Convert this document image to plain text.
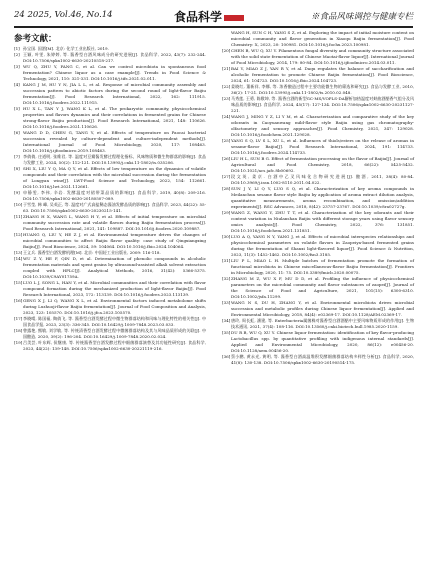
24 2025, Vol.46, No.14	食品科学	※食品风味调控与健康专栏
参考文献：
[1] 孙宝国. 国酒[M]. 北京: 化学工业出版社, 2019.
[2] 王颖, 叶雯, 朱婷婷, 等. 酱香型白酒风味成分的研究进展[J]. 食品科学, 2022, 43(7): 232-244. DOI:10.7506/spkx1002-6630-20210518-217.
[3] WU Q, ZHU Y, FANG C, et al. Can we control microbiota in spontaneous food fermentation? Chinese liquor as a case example[J]. Trends in Food Science & Technology, 2021, 110: 321-331. DOI:10.1016/j.tifs.2021.02.011.
[4] KANG J M, HU Y N, JIA L L, et al. Response of microbial community assembly and succession pattern to abiotic factors during the second round of light-flavor Baijiu fermentation[J]. Food Research International, 2022, 162: 111915. DOI:10.1016/j.foodres.2022.111915.
[5] HU X L, TAN Y J, WANG K L, et al. The prokaryotic community, physicochemical properties and flavors dynamics and their correlations in fermented grains for Chinese strong-flavor Baijiu production[J]. Food Research International, 2021, 148: 110626. DOI:10.1016/j.foodres.2021.110626.
[6] WANG D D, CHEN G, TANG Y, et al. Effects of temperature on Paocai bacterial succession revealed by culture-dependent and culture-independent methods[J]. International Journal of Food Microbiology, 2020, 117: 108463. DOI:10.1016/j.ijfoodmicro.2019.108463.
[7] 李倩倩, 庄道明, 张维君, 等. 温度对豆瓣酱发酵过程理化指标、风味物质和微生物群落的影响[J]. 食品与发酵工业, 2024, 50(2): 112-121. DOI:10.13995/j.cnki.11-1802/ts.035206.
[8] SHI X, LIU Y Q, MA Q Y, et al. Effects of low temperature on the dynamics of volatile compounds and their correlation with the microbial succession during the fermentation of Longyan wine[J]. LWT-Food Science and Technology, 2022, 154: 112661. DOI:10.1016/j.lwt.2021.112661.
[9] 申静雯, 李伟, 辛岩. 发酵温度对裙带菜品质的影响[J]. 食品科学, 2019, 40(8): 209-216. DOI:10.7506/spkx1002-6630-20180507-089.
[10] 于雪莹, 韩 峰, 吴英正, 等. 温度对广式高盐稀态酱油发酵品质的影响[J]. 食品科学, 2023, 44(22): 55-63. DOI:10.7506/spkx1002-6630-20230215-141.
[11] ZHANG H X, WANG L, WANG H Y, et al. Effects of initial temperature on microbial community succession rate and volatile flavors during Baijiu fermentation process[J]. Food Research International, 2021, 141: 109887. DOI:10.1016/j.foodres.2020.109887.
[12] HUANG Q, LIU Y, HE Z J, et al. Environmental temperature drives the changes of microbial communities to affect Baijiu flavor quality: case study of Qingxiangxing Baijiu[J]. Food Bioscience, 2024, 59: 104064. DOI:10.1016/j.fbio.2024.104064.
[13] 王义兵. 酱香型白酒发酵机理[M]. 北京: 中国轻工业出版社, 2009: 116-118.
[14] WU Z Y, HE F, QIN D, et al. Determination of phenolic compounds in alcoholic fermentation materials and spent grains by ultrasound-assisted alkali solvent extraction coupled with HPLC[J]. Analytical Methods, 2016, 31(42): 5366-5375. DOI:10.1039/C9AY01759A.
[15] LUO L J, SONG L, HAN Y, et al. Microbial communities and their correlation with flavor compound formation during the mechanized production of light-flavor Baijiu[J]. Food Research International, 2023, 172: 113139. DOI:10.1016/j.foodres.2023.113139.
[16] GENG X J, LI Q, WANG X L, et al. Environmental factors induced metabolome shifts during Luzhuoji-flavor Baijiu fermentation[J]. Journal of Food Composition and Analysis, 2023, 123: 105570. DOI:10.1016/j.jfca.2023.105570.
[17] 李晓晴, 陈国福, 陶倩飞, 等. 酱香型白酒发酵过程中微生物群落结构和风味与理化特性的相关性[J]. 中国食品学报, 2023, 23(3): 336-345. DOI:10.16429/j.1009-7848.2023.03.033.
[18] 曾露艳, 熊敏, 刘学敏, 等. 传统清香型白酒发酵过程中微菌群落结构及其与风味品质形成的关联[J]. 中国酿造, 2020, 39(2): 196-204. DOI:10.16429/j.1009-7848.2020.02.024.
[19] 吕美芸, 叶东辉, 侯继康, 等. 传统酱香型白酒发酵过程中细菌群落演替及其功能性研究[J]. 食品科学, 2023, 44(22): 139-148. DOI:10.7506/spkx1002-6630-20221119-216.
WANG H, SUN C H, YANG S Z, et al. Exploring the impact of initial moisture content on microbial community and flavor generation in Xiaoqu Baijiu fermentation[J]. Food Chemistry: X, 2023, 20: 100981. DOI:10.1016/j.fochx.2023.100981.
[20] CHEN B, WU Q, XU Y. Filamentous fungal diversity and community structure associated with the solid state fermentation of Chinese Maotai-flavor liquor[J]. International Journal of Food Microbiology, 2014, 179: 80-84. DOI:10.1016/j.ijfoodmicro.2014.03.011.
[21] BAI Y, MIAO Z J, YAN R Y, et al. Daqu regulates the balance of saccharification and alcoholic fermentation to promote Chinese Baijiu fermentation[J]. Food Bioscience, 2024, 61: 104723. DOI:10.1016/j.fbio.2024.104723.
[22] 姜晓红, 董新祥, 李娜, 等. 浓香酿造过程中主要功能微生物的筛选和研究[J]. 食品与发酵工业, 2010, 36(2): 17-21. DOI:10.13995/j.cnki.11-1802/ts.2010.02.048.
[23] 马秀莲, 王勇, 陈敬坤, 等. 酱香白酒的新型GC-MS/VOPLS-DA解析加热温度对麸曲酒醅香气组分及风味品质的影响[J]. 食品科学, 2024, 45(17): 127-134. DOI:10.7506/spkx1002-6630-20231127-221.
[24] WANG J, MING Y Z, LI Y M, et al. Characterization and comparative study of the key odorants in Caoyuanwang mild-flavor style Baijiu using gas chromatography-olfactometry and sensory approaches[J]. Food Chemistry, 2021, 347: 129028. DOI:10.1016/j.foodchem.2021.129028.
[25] YANG S Q, LV S L, XU L, et al. Influences of thiols/esters on the release of aromas in sesame-flavor Baijiu[J]. Food Research International, 2024, 191: 114733. DOI:10.1016/j.foodres.2024.114733.
[26] LIU H L, SUN B G. Effect of fermentation processing on the flavor of Baijiu[J]. Journal of Agricultural and Food Chemistry, 2018, 66(22): 5425-5432. DOI:10.1021/acs.jafc.8b00692.
[27] 段文英, 姜京. 白酒中乙叉风味化合物研究进展[J]. 酿酒, 2011, 38(4): 80-84. DOI:10.3969/j.issn.1002-8110.2011.04.022.
[28] SUN J Y, LI Q Y, LUO S Q, et al. Characterization of key aroma compounds in Meilanchun sesame flavor style Baijiu by application of aroma extract dilution analysis, quantitative measurements, aroma recombination, and omission/addition experiments[J]. RSC Advances, 2018, 8(42): 23757-23767. DOI:10.1039/c8ra02727g.
[29] WANG Z, WANG Y, ZHU T T, et al. Characterization of the key odorants and their content variation in Niulanshan Baijiu with different storage years using flavor sensory omics analysis[J]. Food Chemistry, 2022, 376: 131851. DOI:10.1016/j.foodchem.2021.131851.
[30] LUO A Q, YANG N Y, YANG J, et al. Effects of microbial interspecies relationships and physicochemical parameters on volatile flavors in Zaopeiya-based fermented grains during the fermentation of Shanxi light-flavored liquor[J]. Food Science & Nutrition, 2023, 11(3): 1452-1462. DOI:10.1002/fsn3.3185.
[31] LIU P L, MIAO L H. Multiple batches of fermentation promote the formation of functional microbiota in Chinese miscellaneous-flavor Baijiu fermentation[J]. Frontiers in Microbiology, 2020, 11: 75. DOI:10.3389/fmicb.2020.00075.
[32] ZHANG M Z, WU X F, MU D D, et al. Profiling the influence of physicochemical parameters on the microbial community and flavor substances of zaopei[J]. Journal of the Science of Food and Agriculture, 2021, 101(15): 6300-6310. DOI:10.1002/jsfa.11299.
[33] WANG N S, DU H, ZHANG Y, et al. Environmental microbiota drives microbial succession and metabolic profiles during Chinese liquor fermentation[J]. Applied and Environmental Microbiology, 2018, 84(4): e02369-17. DOI:10.1128/AEM.02369-17.
[34] 唐玲, 周长虹, 潘建, 等. Enterbacteria属菌株对酱香型白酒酒醅中主要风味物质形成的作用[J]. 生物技术通讯, 2021, 37(4): 108-116. DOI:10.13560/j.cnki.biotech.bull.1985.2020-1159.
[35] DU R B, WU Q, XU Y. Chinese liquor fermentation: identification of key flavor-producing Lactobacillus spp. by quantitative profiling with indigenous internal standards[J]. Applied and Environmental Microbiology, 2020, 86(12): e00456-20. DOI:10.1128/aem.00456-20.
[36] 蔡小鹏, 黄永光, 黄明, 等. 酱香型白酒高温堆积发酵细菌群落结构多样性分析[J]. 食品科学, 2020, 41(8): 130-138. DOI:10.7506/spkx1002-6630-20190514-175.
